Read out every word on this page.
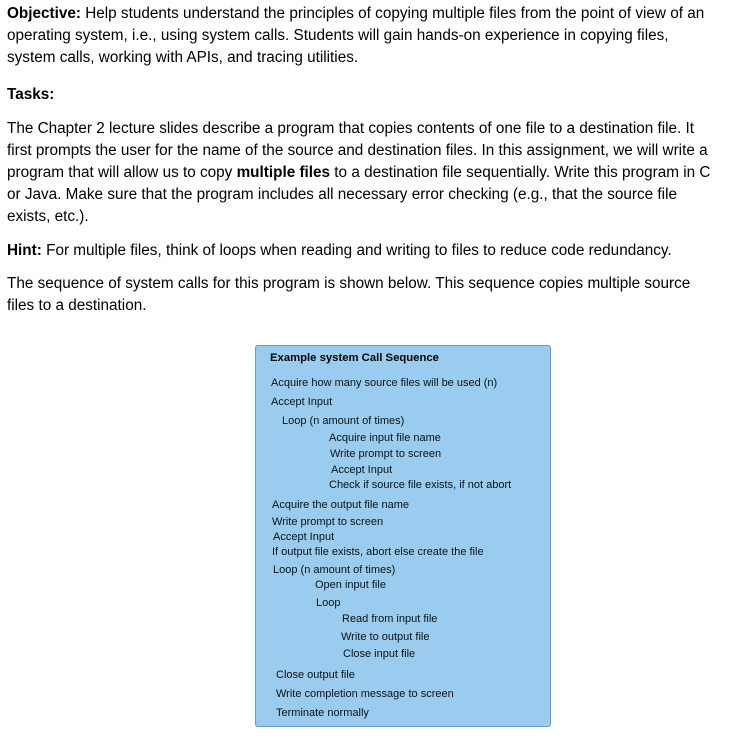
Objective: Help students understand the principles of copying multiple files from the point of view of an operating system, i.e., using system calls. Students will gain hands-on experience in copying files, system calls, working with APIs, and tracing utilities.

Tasks:

The Chapter 2 lecture slides describe a program that copies contents of one file to a destination file. It first prompts the user for the name of the source and destination files. In this assignment, we will write a program that will allow us to copy multiple files to a destination file sequentially. Write this program in C or Java. Make sure that the program includes all necessary error checking (e.g., that the source file exists, etc.).

Hint: For multiple files, think of loops when reading and writing to files to reduce code redundancy.

The sequence of system calls for this program is shown below. This sequence copies multiple source files to a destination.

Example system Call Sequence
Acquire how many source files will be used (n)
Accept Input
Loop (n amount of times)
Acquire input file name
Write prompt to screen
Accept Input
Check if source file exists, if not abort
Acquire the output file name
Write prompt to screen
Accept Input
If output file exists, abort else create the file
Loop (n amount of times)
Open input file
Loop
Read from input file
Write to output file
Close input file
Close output file
Write completion message to screen
Terminate normally
